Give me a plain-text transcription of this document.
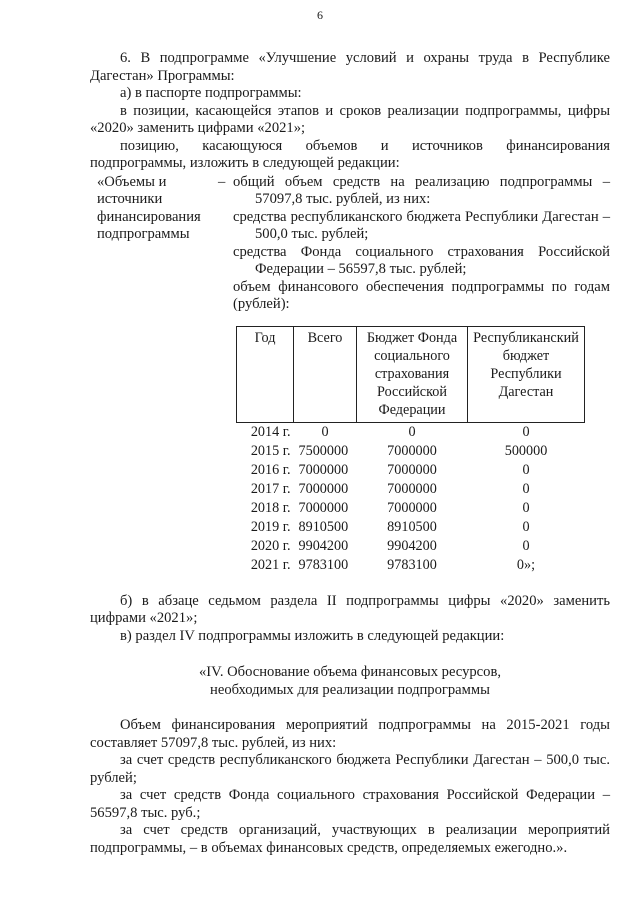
6

6. В подпрограмме «Улучшение условий и охраны труда в Республике Дагестан» Программы:

а) в паспорте подпрограммы:

в позиции, касающейся этапов и сроков реализации подпрограммы, цифры «2020» заменить цифрами «2021»;

позицию, касающуюся объемов и источников финансирования подпрограммы, изложить в следующей редакции:

«Объемы и
источники
финансирования
подпрограммы
– общий объем средств на реализацию подпрограммы – 57097,8 тыс. рублей, из них:

средства республиканского бюджета Республики Дагестан – 500,0 тыс. рублей;

средства Фонда социального страхования Российской Федерации – 56597,8 тыс. рублей;

объем финансового обеспечения подпрограммы по годам (рублей):

Год	Всего	Бюджет Фонда социального страхования Российской Федерации	Республиканский бюджет Республики Дагестан
2014 г.	0	0	0
2015 г.	7500000	7000000	500000
2016 г.	7000000	7000000	0
2017 г.	7000000	7000000	0
2018 г.	7000000	7000000	0
2019 г.	8910500	8910500	0
2020 г.	9904200	9904200	0
2021 г.	9783100	9783100	0»;

б) в абзаце седьмом раздела II подпрограммы цифры «2020» заменить цифрами «2021»;

в) раздел IV подпрограммы изложить в следующей редакции:

«IV. Обоснование объема финансовых ресурсов,
необходимых для реализации подпрограммы

Объем финансирования мероприятий подпрограммы на 2015-2021 годы составляет 57097,8 тыс. рублей, из них:

за счет средств республиканского бюджета Республики Дагестан – 500,0 тыс. рублей;

за счет средств Фонда социального страхования Российской Федерации – 56597,8 тыс. руб.;

за счет средств организаций, участвующих в реализации мероприятий подпрограммы, – в объемах финансовых средств, определяемых ежегодно.».
